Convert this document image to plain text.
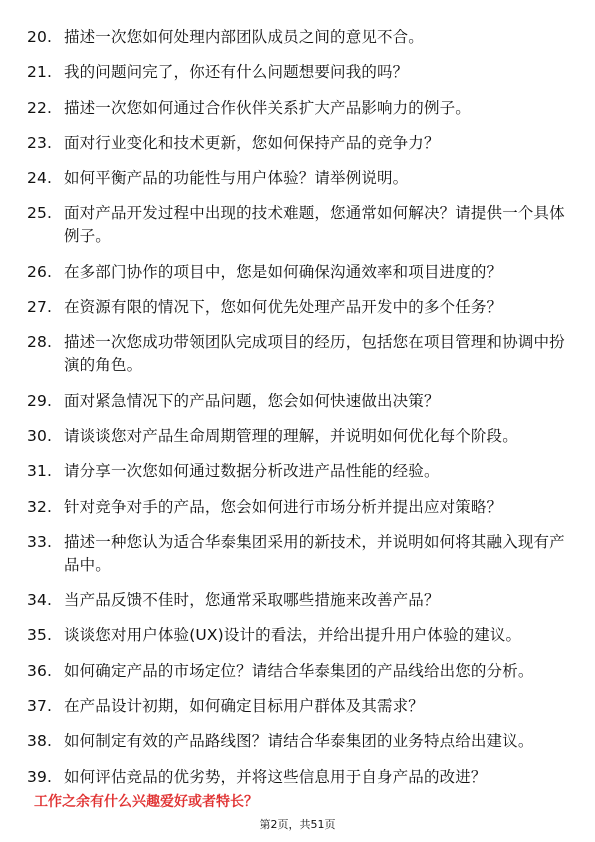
20. 描述一次您如何处理内部团队成员之间的意见不合。
21. 我的问题问完了，你还有什么问题想要问我的吗？
22. 描述一次您如何通过合作伙伴关系扩大产品影响力的例子。
23. 面对行业变化和技术更新，您如何保持产品的竞争力？
24. 如何平衡产品的功能性与用户体验？请举例说明。
25. 面对产品开发过程中出现的技术难题，您通常如何解决？请提供一个具体例子。
26. 在多部门协作的项目中，您是如何确保沟通效率和项目进度的？
27. 在资源有限的情况下，您如何优先处理产品开发中的多个任务？
28. 描述一次您成功带领团队完成项目的经历，包括您在项目管理和协调中扮演的角色。
29. 面对紧急情况下的产品问题，您会如何快速做出决策？
30. 请谈谈您对产品生命周期管理的理解，并说明如何优化每个阶段。
31. 请分享一次您如何通过数据分析改进产品性能的经验。
32. 针对竞争对手的产品，您会如何进行市场分析并提出应对策略？
33. 描述一种您认为适合华泰集团采用的新技术，并说明如何将其融入现有产品中。
34. 当产品反馈不佳时，您通常采取哪些措施来改善产品？
35. 谈谈您对用户体验(UX)设计的看法，并给出提升用户体验的建议。
36. 如何确定产品的市场定位？请结合华泰集团的产品线给出您的分析。
37. 在产品设计初期，如何确定目标用户群体及其需求？
38. 如何制定有效的产品路线图？请结合华泰集团的业务特点给出建议。
39. 如何评估竞品的优劣势，并将这些信息用于自身产品的改进？
工作之余有什么兴趣爱好或者特长？
第2页，共51页
